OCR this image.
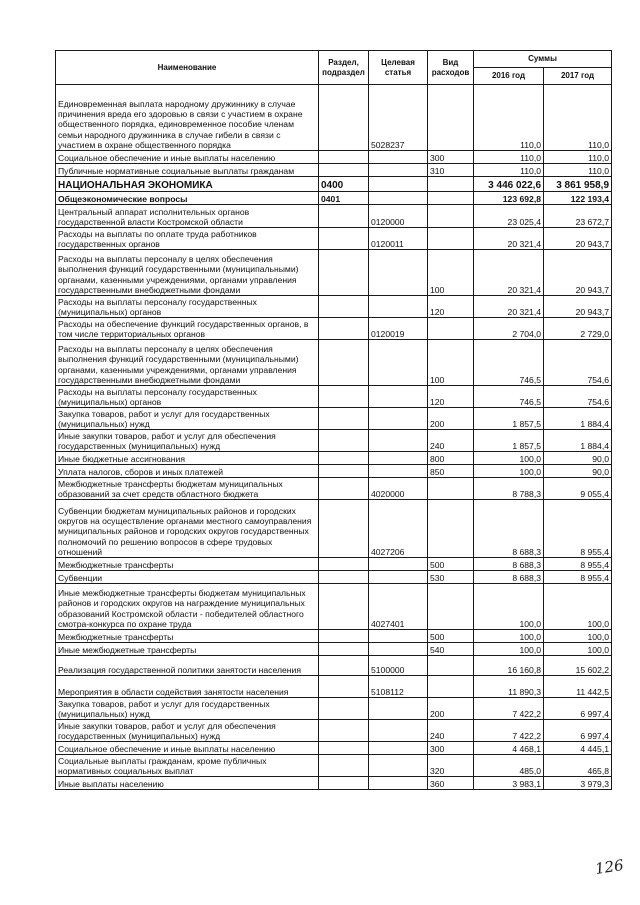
Наименование	Раздел, подраздел	Целевая статья	Вид расходов	Суммы	
				2016 год	2017 год
Единовременная выплата народному дружиннику в случае причинения вреда его здоровью в связи с участием в охране общественного порядка, единовременное пособие членам семьи народного дружинника в случае гибели в связи с участием в охране общественного порядка		5028237		110,0	110,0
Социальное обеспечение и иные выплаты населению			300	110,0	110,0
Публичные нормативные социальные выплаты гражданам			310	110,0	110,0
НАЦИОНАЛЬНАЯ ЭКОНОМИКА	0400			3 446 022,6	3 861 958,9
Общеэкономические вопросы	0401			123 692,8	122 193,4
Центральный аппарат исполнительных органов государственной власти Костромской области		0120000		23 025,4	23 672,7
Расходы на выплаты по оплате труда работников государственных органов		0120011		20 321,4	20 943,7
Расходы на выплаты персоналу в целях обеспечения выполнения функций государственными (муниципальными) органами, казенными учреждениями, органами управления государственными внебюджетными фондами			100	20 321,4	20 943,7
Расходы на выплаты персоналу государственных (муниципальных) органов			120	20 321,4	20 943,7
Расходы на обеспечение функций государственных органов, в том числе территориальных органов		0120019		2 704,0	2 729,0
Расходы на выплаты персоналу в целях обеспечения выполнения функций государственными (муниципальными) органами, казенными учреждениями, органами управления государственными внебюджетными фондами			100	746,5	754,6
Расходы на выплаты персоналу государственных (муниципальных) органов			120	746,5	754,6
Закупка товаров, работ и услуг для государственных (муниципальных) нужд			200	1 857,5	1 884,4
Иные закупки товаров, работ и услуг для обеспечения государственных (муниципальных) нужд			240	1 857,5	1 884,4
Иные бюджетные ассигнования			800	100,0	90,0
Уплата налогов, сборов и иных платежей			850	100,0	90,0
Межбюджетные трансферты бюджетам муниципальных образований за счет средств областного бюджета		4020000		8 788,3	9 055,4
Субвенции бюджетам муниципальных районов и городских округов на осуществление органами местного самоуправления муниципальных районов и городских округов государственных полномочий по решению вопросов в сфере трудовых отношений		4027206		8 688,3	8 955,4
Межбюджетные трансферты			500	8 688,3	8 955,4
Субвенции			530	8 688,3	8 955,4
Иные межбюджетные трансферты бюджетам муниципальных районов и городских округов на награждение муниципальных образований Костромской области - победителей областного смотра-конкурса по охране труда		4027401		100,0	100,0
Межбюджетные трансферты			500	100,0	100,0
Иные межбюджетные трансферты			540	100,0	100,0
Реализация государственной политики занятости населения		5100000		16 160,8	15 602,2
Мероприятия в области содействия занятости населения		5108112		11 890,3	11 442,5
Закупка товаров, работ и услуг для государственных (муниципальных) нужд			200	7 422,2	6 997,4
Иные закупки товаров, работ и услуг для обеспечения государственных (муниципальных) нужд			240	7 422,2	6 997,4
Социальное обеспечение и иные выплаты населению			300	4 468,1	4 445,1
Социальные выплаты гражданам, кроме публичных нормативных социальных выплат			320	485,0	465,8
Иные выплаты населению			360	3 983,1	3 979,3
126
